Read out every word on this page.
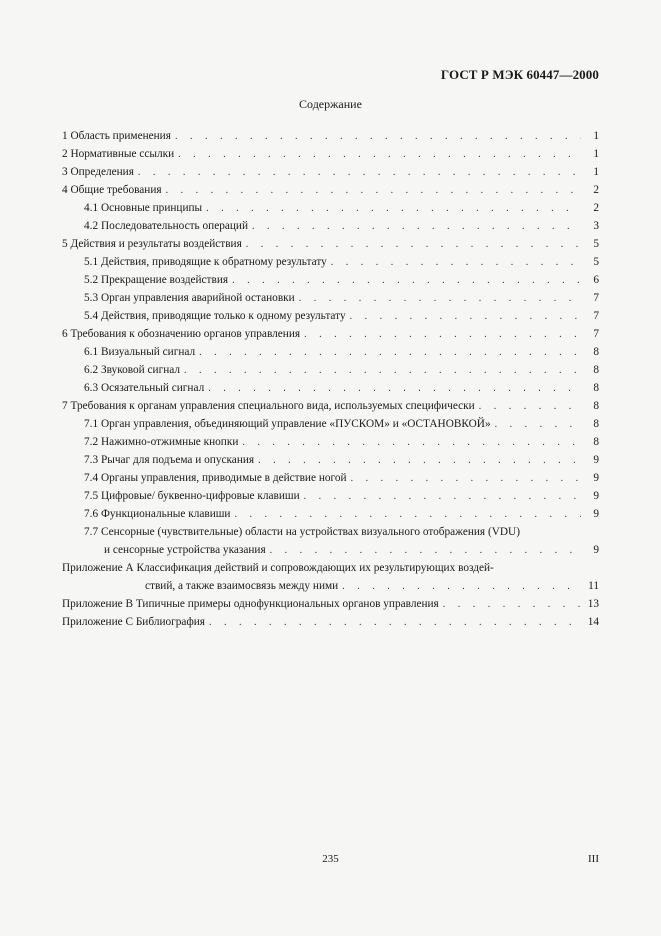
ГОСТ Р МЭК 60447—2000
Содержание
1 Область применения . . .	1
2 Нормативные ссылки . . .	1
3 Определения . . .	1
4 Общие требования . . .	2
4.1 Основные принципы . . .	2
4.2 Последовательность операций . . .	3
5 Действия и результаты воздействия . . .	5
5.1 Действия, приводящие к обратному результату . . .	5
5.2 Прекращение воздействия . . .	6
5.3 Орган управления аварийной остановки . . .	7
5.4 Действия, приводящие только к одному результату . . .	7
6 Требования к обозначению органов управления . . .	7
6.1 Визуальный сигнал . . .	8
6.2 Звуковой сигнал . . .	8
6.3 Осязательный сигнал . . .	8
7 Требования к органам управления специального вида, используемых специфически . . .	8
7.1 Орган управления, объединяющий управление «ПУСКОМ» и «ОСТАНОВКОЙ» . . .	8
7.2 Нажимно-отжимные кнопки . . .	8
7.3 Рычаг для подъема и опускания . . .	9
7.4 Органы управления, приводимые в действие ногой . . .	9
7.5 Цифровые/ буквенно-цифровые клавиши . . .	9
7.6 Функциональные клавиши . . .	9
7.7 Сенсорные (чувствительные) области на устройствах визуального отображения (VDU)
и сенсорные устройства указания . . .	9
Приложение А Классификация действий и сопровождающих их результирующих воздей-
ствий, а также взаимосвязь между ними . . .	11
Приложение В Типичные примеры однофункциональных органов управления . . .	13
Приложение С Библиография . . .	14
235	III
